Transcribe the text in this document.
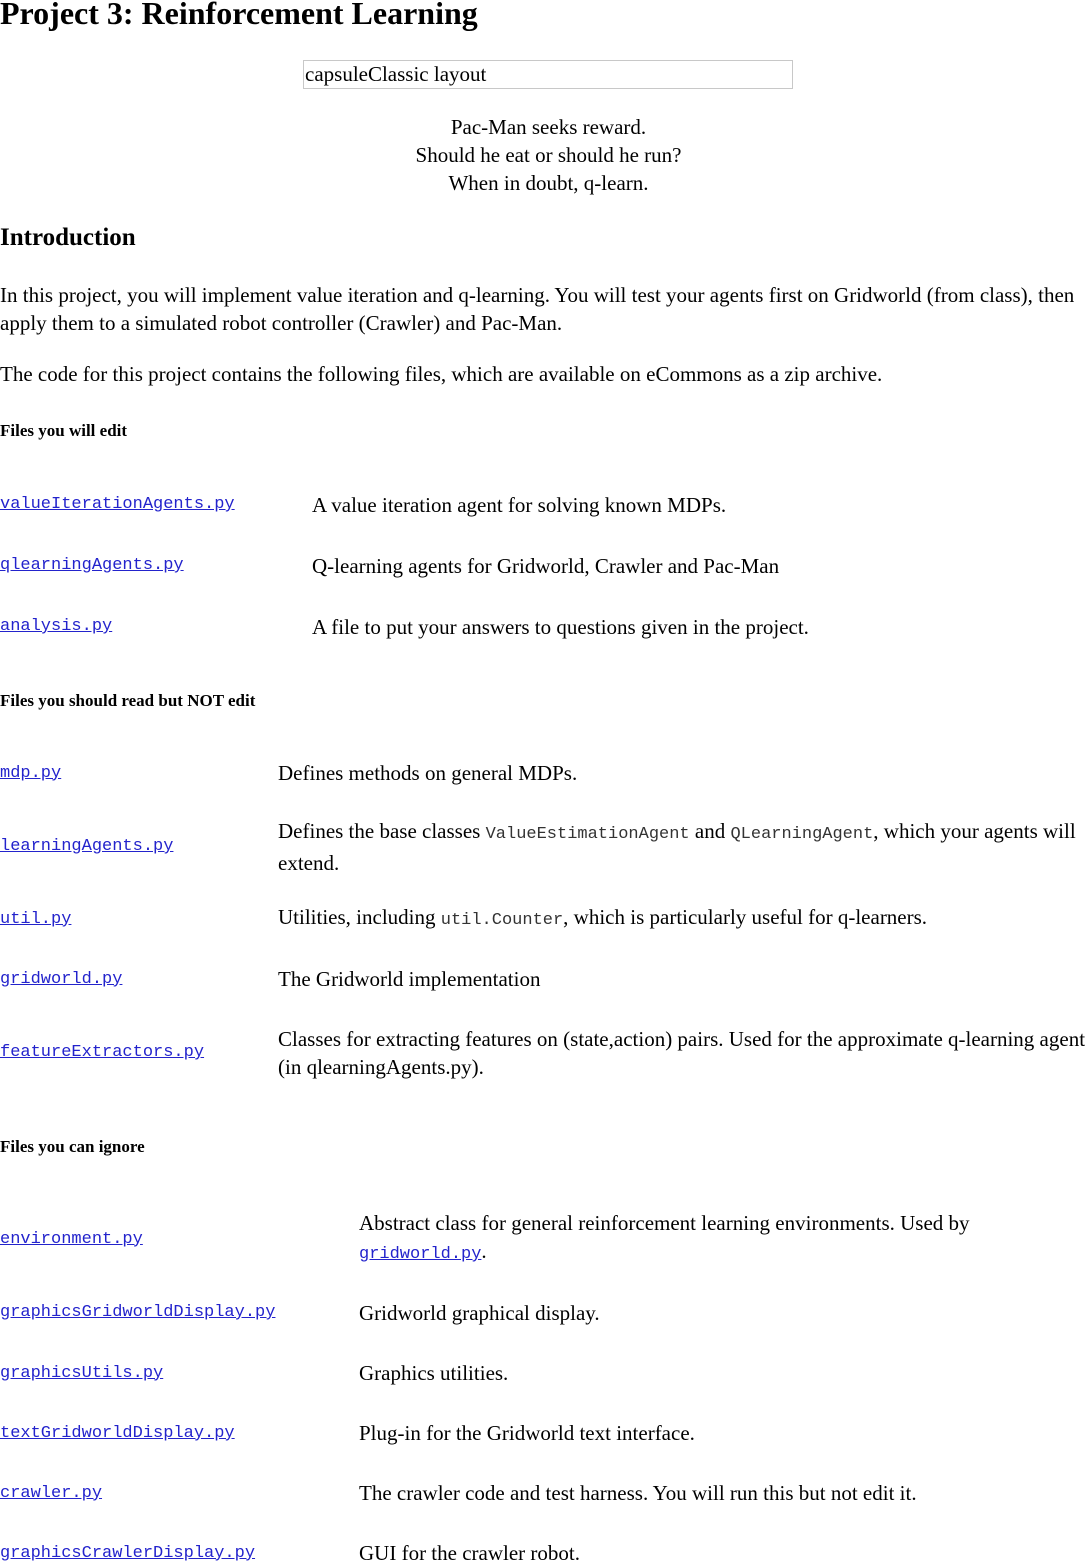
Project 3: Reinforcement Learning
capsuleClassic layout
Pac-Man seeks reward.
Should he eat or should he run?
When in doubt, q-learn.
Introduction

In this project, you will implement value iteration and q-learning. You will test your agents first on Gridworld (from class), then apply them to a simulated robot controller (Crawler) and Pac-Man.

The code for this project contains the following files, which are available on eCommons as a zip archive.

Files you will edit
valueIterationAgents.py	A value iteration agent for solving known MDPs.
qlearningAgents.py	Q-learning agents for Gridworld, Crawler and Pac-Man
analysis.py	A file to put your answers to questions given in the project.
Files you should read but NOT edit
mdp.py	Defines methods on general MDPs.
learningAgents.py	Defines the base classes ValueEstimationAgent and QLearningAgent, which your agents will extend.
util.py	Utilities, including util.Counter, which is particularly useful for q-learners.
gridworld.py	The Gridworld implementation
featureExtractors.py	Classes for extracting features on (state,action) pairs. Used for the approximate q-learning agent (in qlearningAgents.py).
Files you can ignore
environment.py	Abstract class for general reinforcement learning environments. Used by gridworld.py.
graphicsGridworldDisplay.py	Gridworld graphical display.
graphicsUtils.py	Graphics utilities.
textGridworldDisplay.py	Plug-in for the Gridworld text interface.
crawler.py	The crawler code and test harness. You will run this but not edit it.
graphicsCrawlerDisplay.py	GUI for the crawler robot.
